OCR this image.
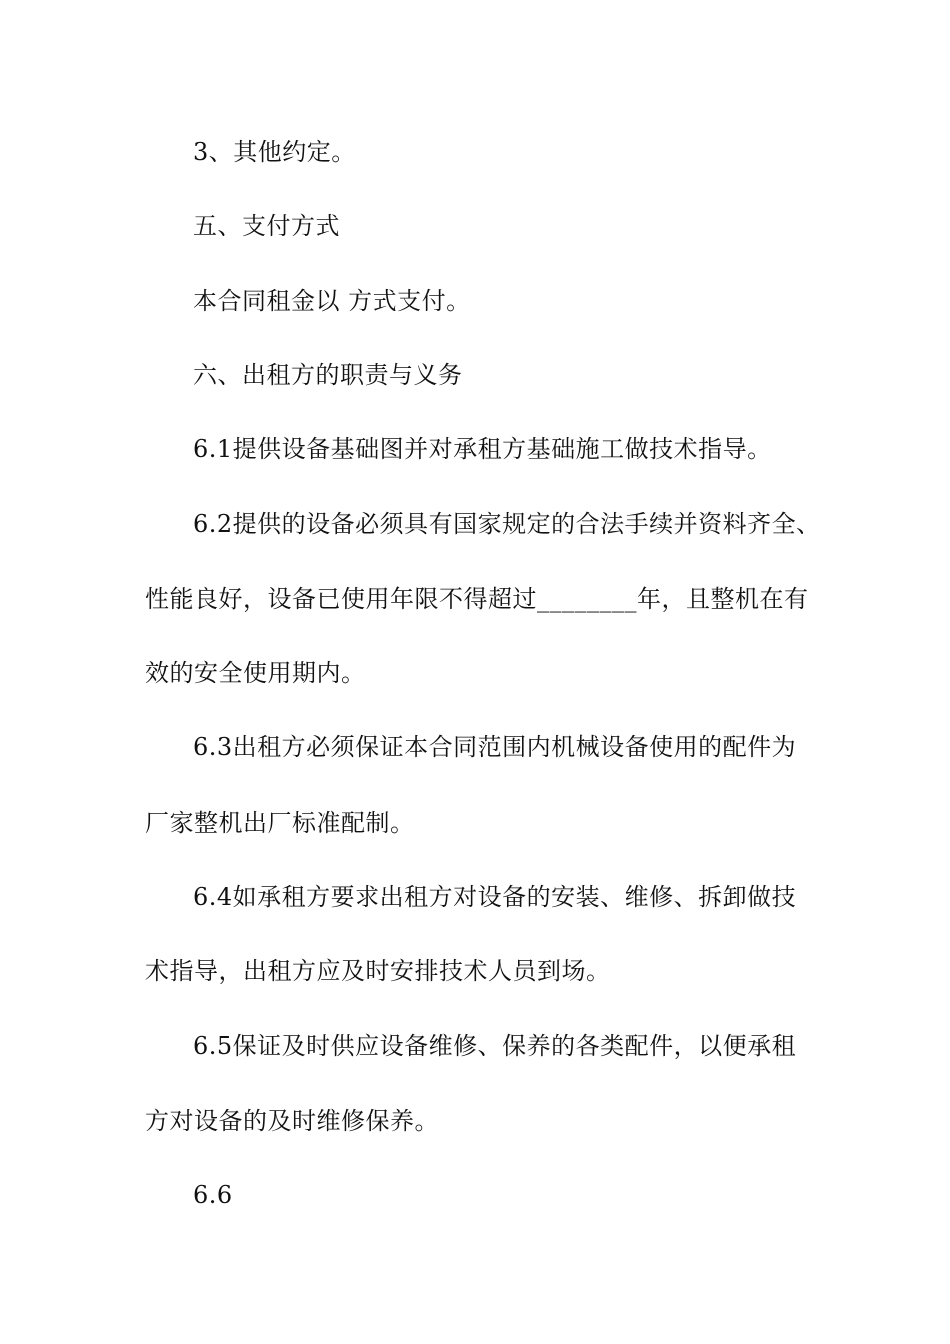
3、其他约定。
五、支付方式
本合同租金以 方式支付。
六、出租方的职责与义务
6.1提供设备基础图并对承租方基础施工做技术指导。
6.2提供的设备必须具有国家规定的合法手续并资料齐全、
性能良好，设备已使用年限不得超过________年，且整机在有
效的安全使用期内。
6.3出租方必须保证本合同范围内机械设备使用的配件为
厂家整机出厂标准配制。
6.4如承租方要求出租方对设备的安装、维修、拆卸做技
术指导，出租方应及时安排技术人员到场。
6.5保证及时供应设备维修、保养的各类配件，以便承租
方对设备的及时维修保养。
6.6
